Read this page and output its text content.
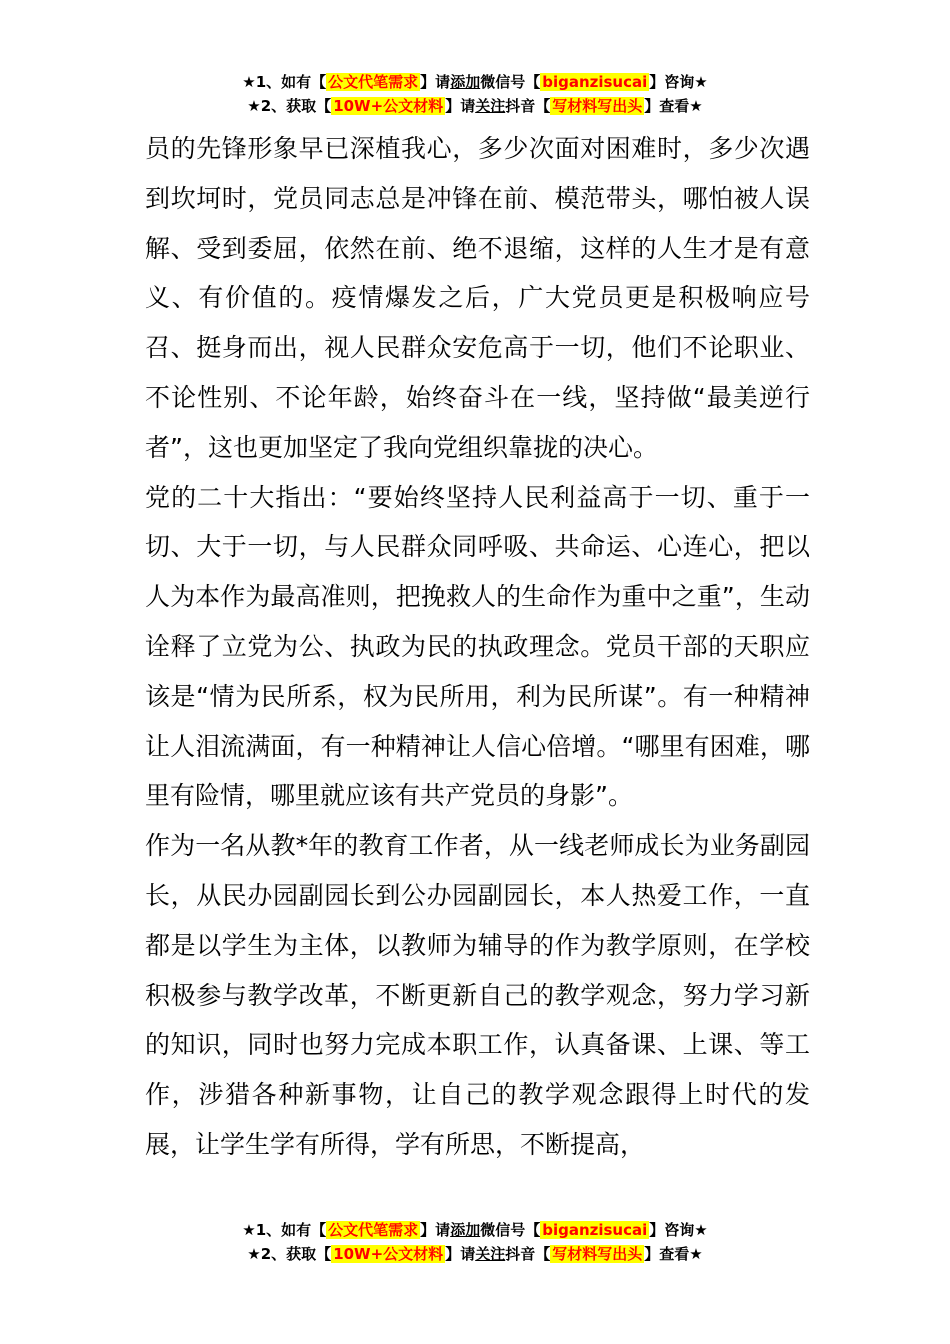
★1、如有【 公文代笔需求 】请添加微信号【 biganzisucai 】咨询★
★2、获取【 10W+公文材料 】请关注抖音【 写材料写出头 】查看★

员的先锋形象早已深植我心，多少次面对困难时，多少次遇到坎坷时，党员同志总是冲锋在前、模范带头，哪怕被人误解、受到委屈，依然在前、绝不退缩，这样的人生才是有意义、有价值的。疫情爆发之后，广大党员更是积极响应号召、挺身而出，视人民群众安危高于一切，他们不论职业、不论性别、不论年龄，始终奋斗在一线，坚持做“最美逆行者”，这也更加坚定了我向党组织靠拢的决心。

党的二十大指出：“要始终坚持人民利益高于一切、重于一切、大于一切，与人民群众同呼吸、共命运、心连心，把以人为本作为最高准则，把挽救人的生命作为重中之重”，生动诠释了立党为公、执政为民的执政理念。党员干部的天职应该是“情为民所系，权为民所用，利为民所谋”。有一种精神让人泪流满面，有一种精神让人信心倍增。“哪里有困难，哪里有险情，哪里就应该有共产党员的身影”。

作为一名从教*年的教育工作者，从一线老师成长为业务副园长，从民办园副园长到公办园副园长，本人热爱工作，一直都是以学生为主体，以教师为辅导的作为教学原则，在学校积极参与教学改革，不断更新自己的教学观念，努力学习新的知识，同时也努力完成本职工作，认真备课、上课、等工作，涉猎各种新事物，让自己的教学观念跟得上时代的发展，让学生学有所得，学有所思，不断提高，

★1、如有【 公文代笔需求 】请添加微信号【 biganzisucai 】咨询★
★2、获取【 10W+公文材料 】请关注抖音【 写材料写出头 】查看★
